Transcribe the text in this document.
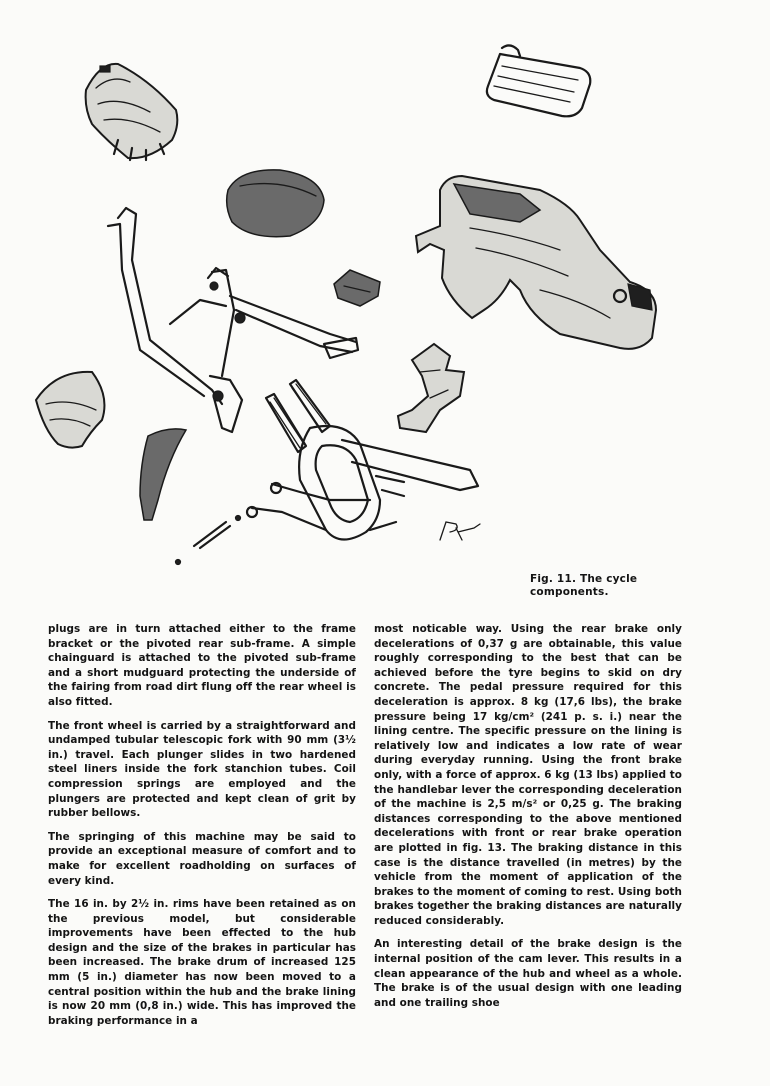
Fig. 11. The cycle components.

plugs are in turn attached either to the frame bracket or the pivoted rear sub-frame. A simple chainguard is attached to the pivoted sub-frame and a short mudguard protecting the underside of the fairing from road dirt flung off the rear wheel is also fitted.

The front wheel is carried by a straightforward and undamped tubular telescopic fork with 90 mm (3½ in.) travel. Each plunger slides in two hardened steel liners inside the fork stanchion tubes. Coil compression springs are employed and the plungers are protected and kept clean of grit by rubber bellows.

The springing of this machine may be said to provide an exceptional measure of comfort and to make for excellent roadholding on surfaces of every kind.

The 16 in. by 2½ in. rims have been retained as on the previous model, but considerable improvements have been effected to the hub design and the size of the brakes in particular has been increased. The brake drum of increased 125 mm (5 in.) diameter has now been moved to a central position within the hub and the brake lining is now 20 mm (0,8 in.) wide. This has improved the braking performance in a

most noticable way. Using the rear brake only decelerations of 0,37 g are obtainable, this value roughly corresponding to the best that can be achieved before the tyre begins to skid on dry concrete. The pedal pressure required for this deceleration is approx. 8 kg (17,6 lbs), the brake pressure being 17 kg/cm² (241 p. s. i.) near the lining centre. The specific pressure on the lining is relatively low and indicates a low rate of wear during everyday running. Using the front brake only, with a force of approx. 6 kg (13 lbs) applied to the handlebar lever the corresponding deceleration of the machine is 2,5 m/s² or 0,25 g. The braking distances corresponding to the above mentioned decelerations with front or rear brake operation are plotted in fig. 13. The braking distance in this case is the distance travelled (in metres) by the vehicle from the moment of application of the brakes to the moment of coming to rest. Using both brakes together the braking distances are naturally reduced considerably.

An interesting detail of the brake design is the internal position of the cam lever. This results in a clean appearance of the hub and wheel as a whole. The brake is of the usual design with one leading and one trailing shoe
